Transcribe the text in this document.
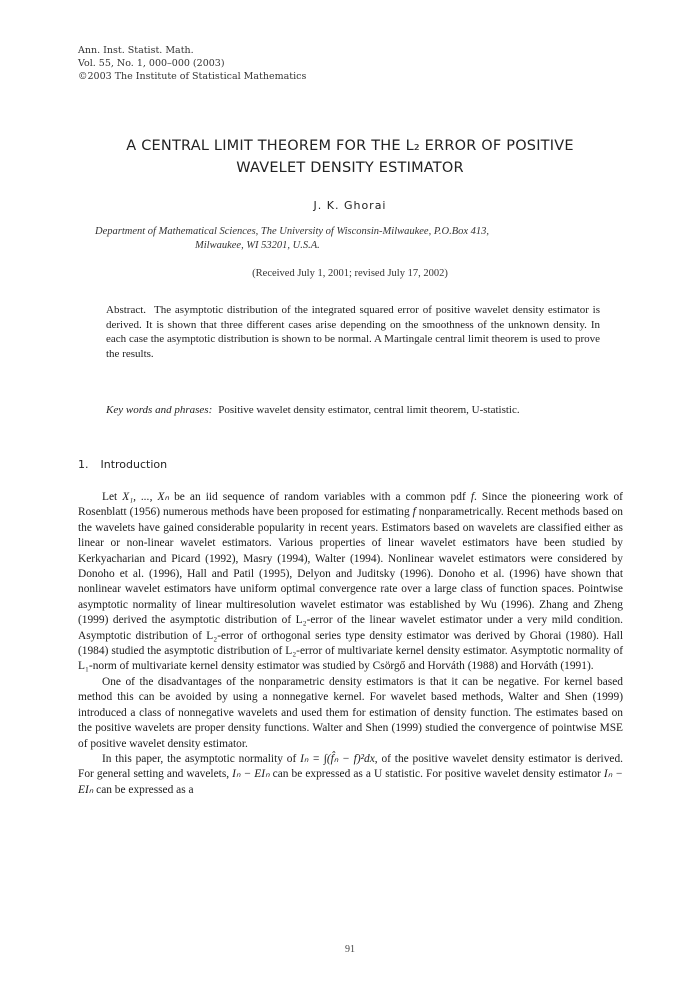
Ann. Inst. Statist. Math.
Vol. 55, No. 1, 000–000 (2003)
©2003 The Institute of Statistical Mathematics
A CENTRAL LIMIT THEOREM FOR THE L₂ ERROR OF POSITIVE
WAVELET DENSITY ESTIMATOR
J. K. Ghorai
Department of Mathematical Sciences, The University of Wisconsin-Milwaukee, P.O.Box 413,
Milwaukee, WI 53201, U.S.A.
(Received July 1, 2001; revised July 17, 2002)
Abstract. The asymptotic distribution of the integrated squared error of positive wavelet density estimator is derived. It is shown that three different cases arise depending on the smoothness of the unknown density. In each case the asymptotic distribution is shown to be normal. A Martingale central limit theorem is used to prove the results.
Key words and phrases: Positive wavelet density estimator, central limit theorem, U-statistic.
1. Introduction

Let X₁, ..., Xₙ be an iid sequence of random variables with a common pdf f. Since the pioneering work of Rosenblatt (1956) numerous methods have been proposed for estimating f nonparametrically. Recent methods based on the wavelets have gained considerable popularity in recent years. Estimators based on wavelets are classified either as linear or non-linear wavelet estimators. Various properties of linear wavelet estimators have been studied by Kerkyacharian and Picard (1992), Masry (1994), Walter (1994). Nonlinear wavelet estimators were considered by Donoho et al. (1996), Hall and Patil (1995), Delyon and Juditsky (1996). Donoho et al. (1996) have shown that nonlinear wavelet estimators have uniform optimal convergence rate over a large class of function spaces. Pointwise asymptotic normality of linear multiresolution wavelet estimator was established by Wu (1996). Zhang and Zheng (1999) derived the asymptotic distribution of L₂-error of the linear wavelet estimator under a very mild condition. Asymptotic distribution of L₂-error of orthogonal series type density estimator was derived by Ghorai (1980). Hall (1984) studied the asymptotic distribution of L₂-error of multivariate kernel density estimator. Asymptotic normality of L₁-norm of multivariate kernel density estimator was studied by Csörgő and Horváth (1988) and Horváth (1991).

One of the disadvantages of the nonparametric density estimators is that it can be negative. For kernel based method this can be avoided by using a nonnegative kernel. For wavelet based methods, Walter and Shen (1999) introduced a class of nonnegative wavelets and used them for estimation of density function. The estimates based on the positive wavelets are proper density functions. Walter and Shen (1999) studied the convergence of pointwise MSE of positive wavelet density estimator.

In this paper, the asymptotic normality of Iₙ = ∫(f̂ₙ − f)²dx, of the positive wavelet density estimator is derived. For general setting and wavelets, Iₙ − EIₙ can be expressed as a U statistic. For positive wavelet density estimator Iₙ − EIₙ can be expressed as a

91
